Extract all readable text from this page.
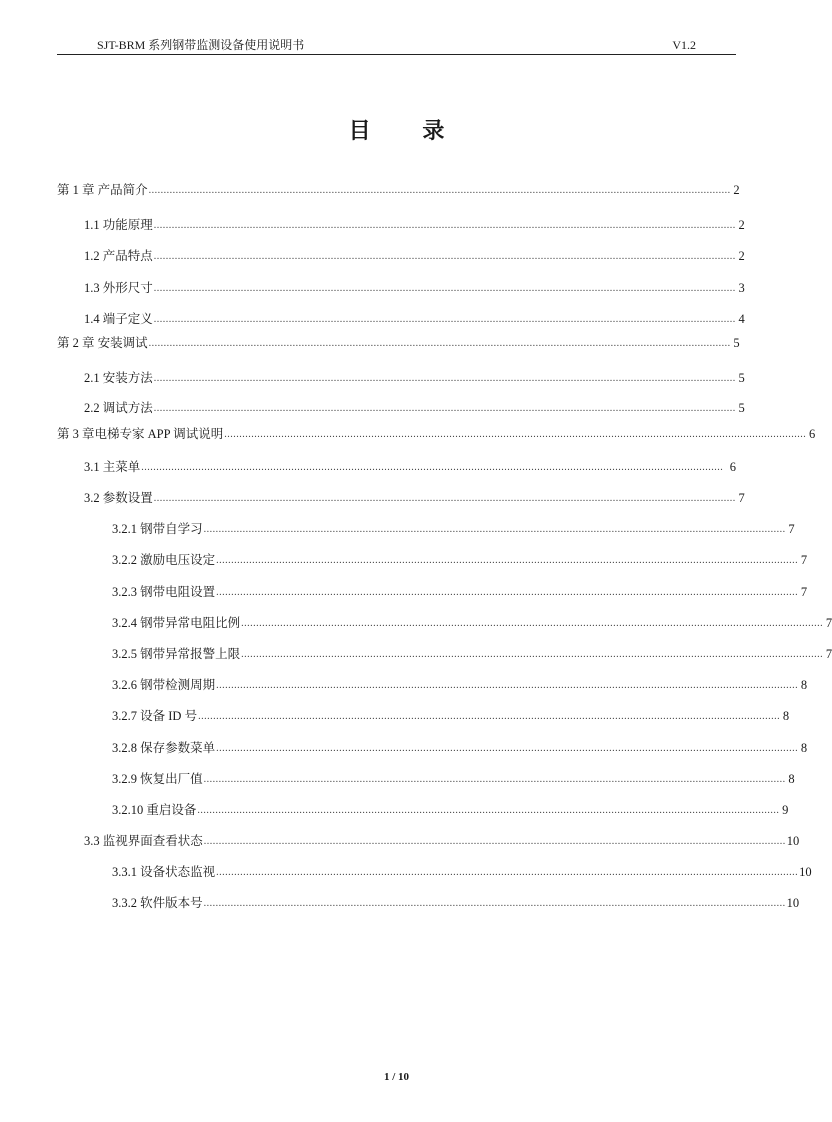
SJT-BRM 系列钢带监测设备使用说明书	V1.2
目 录
第 1 章 产品简介 .................................................................................................................................................................................................. 2
1.1 功能原理 .................................................................................................................................................................................................. 2
1.2 产品特点 .................................................................................................................................................................................................. 2
1.3 外形尺寸 .................................................................................................................................................................................................. 3
1.4 端子定义 .................................................................................................................................................................................................. 4
第 2 章 安装调试 .................................................................................................................................................................................................. 5
2.1 安装方法 .................................................................................................................................................................................................. 5
2.2 调试方法 .................................................................................................................................................................................................. 5
第 3 章电梯专家 APP 调试说明 .................................................................................................................................................................................................. 6
3.1 主菜单 .................................................................................................................................................................................................. 6
3.2 参数设置 .................................................................................................................................................................................................. 7
3.2.1 钢带自学习 .................................................................................................................................................................................................. 7
3.2.2 激励电压设定 .................................................................................................................................................................................................. 7
3.2.3 钢带电阻设置 .................................................................................................................................................................................................. 7
3.2.4 钢带异常电阻比例 .................................................................................................................................................................................................. 7
3.2.5 钢带异常报警上限 .................................................................................................................................................................................................. 7
3.2.6 钢带检测周期 .................................................................................................................................................................................................. 8
3.2.7 设备 ID 号 .................................................................................................................................................................................................. 8
3.2.8 保存参数菜单 .................................................................................................................................................................................................. 8
3.2.9 恢复出厂值 .................................................................................................................................................................................................. 8
3.2.10 重启设备 .................................................................................................................................................................................................. 9
3.3 监视界面查看状态 .................................................................................................................................................................................................. 10
3.3.1 设备状态监视 .................................................................................................................................................................................................. 10
3.3.2 软件版本号 .................................................................................................................................................................................................. 10
1 / 10
